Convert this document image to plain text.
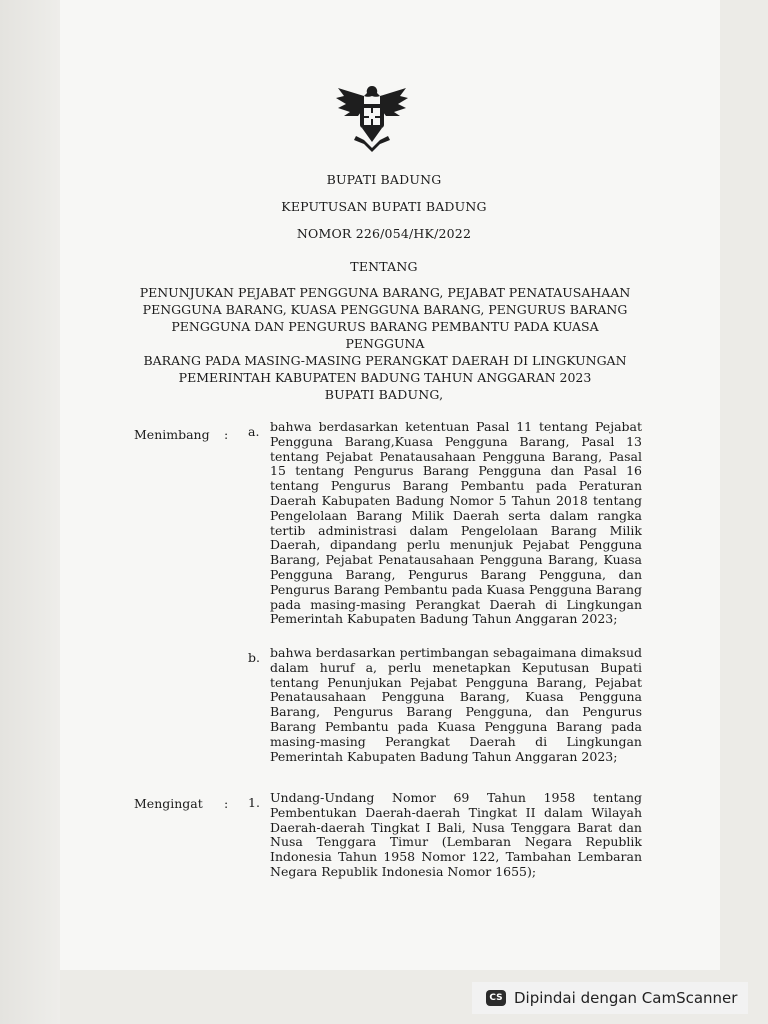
BUPATI BADUNG
KEPUTUSAN BUPATI BADUNG
NOMOR 226/054/HK/2022
TENTANG
PENUNJUKAN PEJABAT PENGGUNA BARANG, PEJABAT PENATAUSAHAAN
PENGGUNA BARANG, KUASA PENGGUNA BARANG, PENGURUS BARANG
PENGGUNA DAN PENGURUS BARANG PEMBANTU PADA KUASA PENGGUNA
BARANG PADA MASING-MASING PERANGKAT DAERAH DI LINGKUNGAN
PEMERINTAH KABUPATEN BADUNG TAHUN ANGGARAN 2023
BUPATI BADUNG,
Menimbang : a. bahwa berdasarkan ketentuan Pasal 11 tentang Pejabat Pengguna Barang,Kuasa Pengguna Barang, Pasal 13 tentang Pejabat Penatausahaan Pengguna Barang, Pasal 15 tentang Pengurus Barang Pengguna dan Pasal 16 tentang Pengurus Barang Pembantu pada Peraturan Daerah Kabupaten Badung Nomor 5 Tahun 2018 tentang Pengelolaan Barang Milik Daerah serta dalam rangka tertib administrasi dalam Pengelolaan Barang Milik Daerah, dipandang perlu menunjuk Pejabat Pengguna Barang, Pejabat Penatausahaan Pengguna Barang, Kuasa Pengguna Barang, Pengurus Barang Pengguna, dan Pengurus Barang Pembantu pada Kuasa Pengguna Barang pada masing-masing Perangkat Daerah di Lingkungan Pemerintah Kabupaten Badung Tahun Anggaran 2023;
b. bahwa berdasarkan pertimbangan sebagaimana dimaksud dalam huruf a, perlu menetapkan Keputusan Bupati tentang Penunjukan Pejabat Pengguna Barang, Pejabat Penatausahaan Pengguna Barang, Kuasa Pengguna Barang, Pengurus Barang Pengguna, dan Pengurus Barang Pembantu pada Kuasa Pengguna Barang pada masing-masing Perangkat Daerah di Lingkungan Pemerintah Kabupaten Badung Tahun Anggaran 2023;
Mengingat : 1. Undang-Undang Nomor 69 Tahun 1958 tentang Pembentukan Daerah-daerah Tingkat II dalam Wilayah Daerah-daerah Tingkat I Bali, Nusa Tenggara Barat dan Nusa Tenggara Timur (Lembaran Negara Republik Indonesia Tahun 1958 Nomor 122, Tambahan Lembaran Negara Republik Indonesia Nomor 1655);
CS Dipindai dengan CamScanner
